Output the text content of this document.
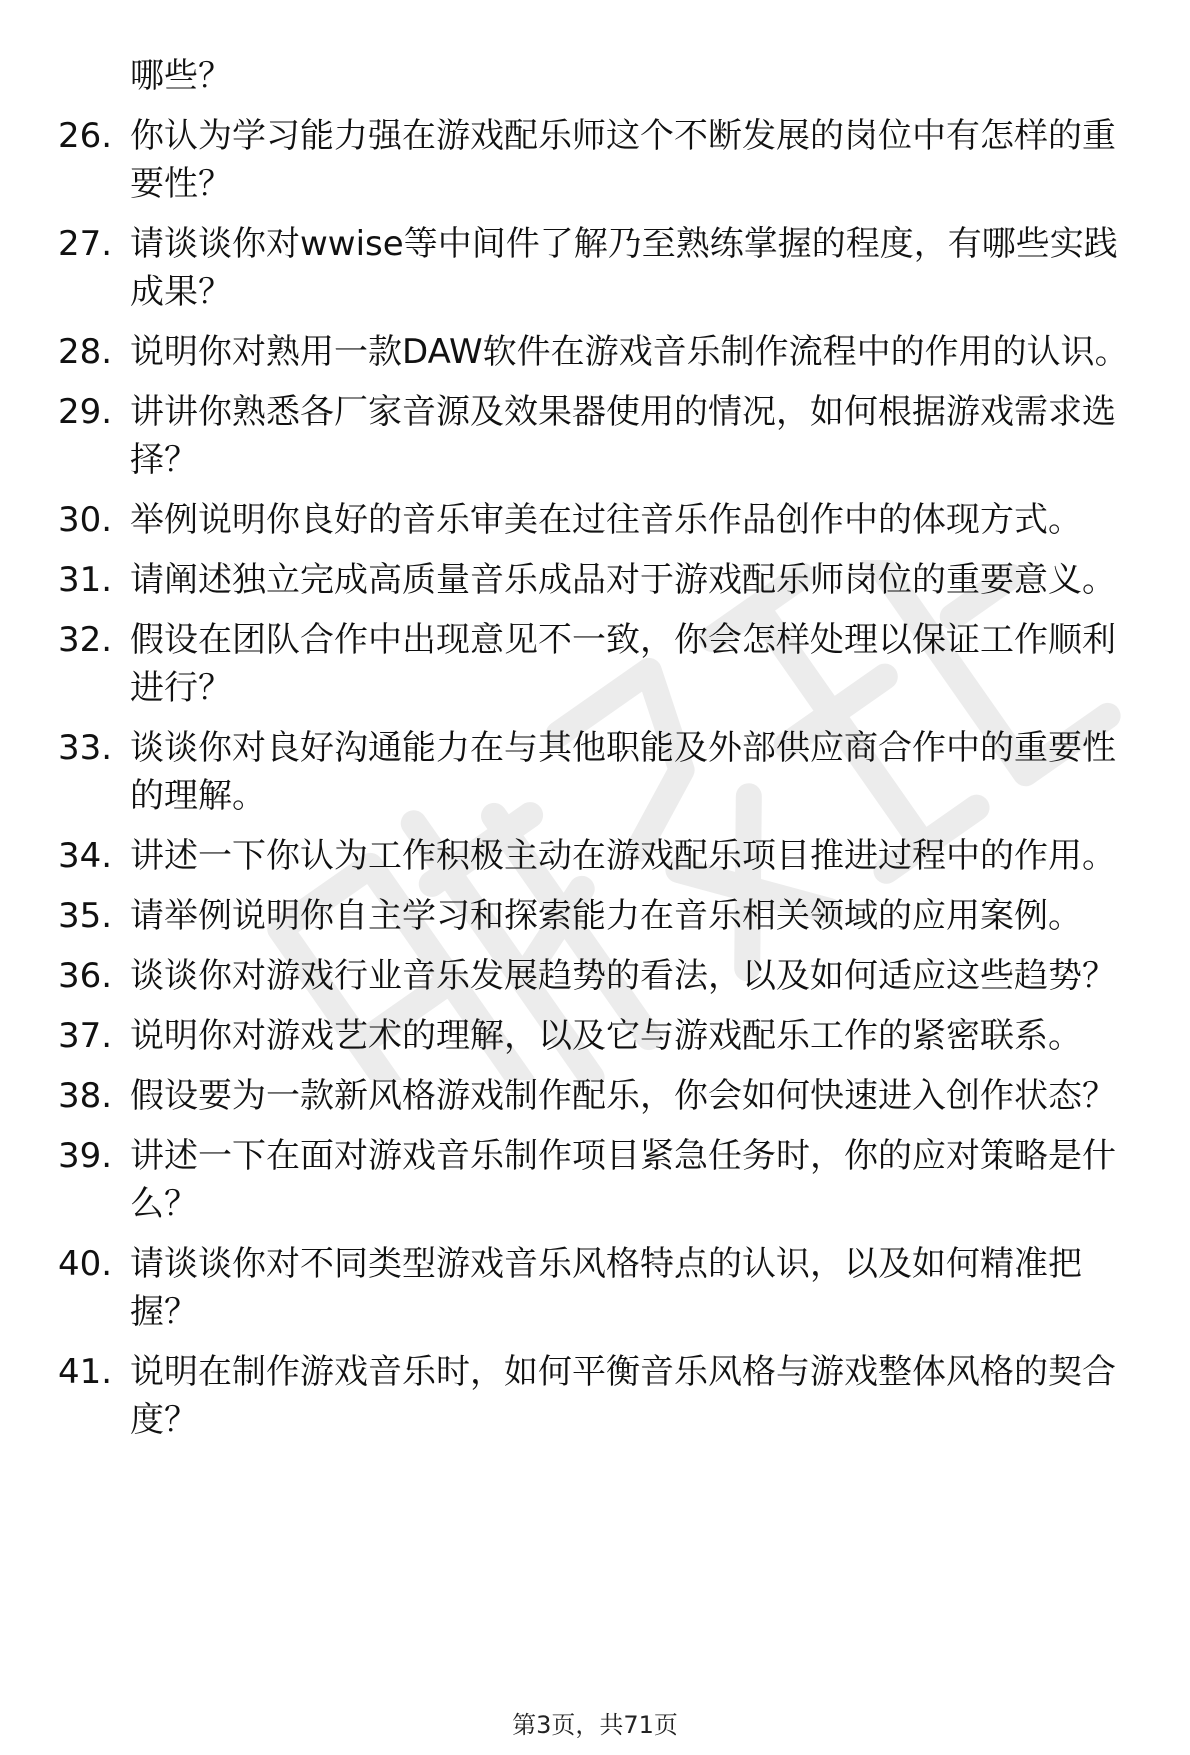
哪些？
26. 你认为学习能力强在游戏配乐师这个不断发展的岗位中有怎样的重要性？
27. 请谈谈你对wwise等中间件了解乃至熟练掌握的程度，有哪些实践成果？
28. 说明你对熟用一款DAW软件在游戏音乐制作流程中的作用的认识。
29. 讲讲你熟悉各厂家音源及效果器使用的情况，如何根据游戏需求选择？
30. 举例说明你良好的音乐审美在过往音乐作品创作中的体现方式。
31. 请阐述独立完成高质量音乐成品对于游戏配乐师岗位的重要意义。
32. 假设在团队合作中出现意见不一致，你会怎样处理以保证工作顺利进行？
33. 谈谈你对良好沟通能力在与其他职能及外部供应商合作中的重要性的理解。
34. 讲述一下你认为工作积极主动在游戏配乐项目推进过程中的作用。
35. 请举例说明你自主学习和探索能力在音乐相关领域的应用案例。
36. 谈谈你对游戏行业音乐发展趋势的看法，以及如何适应这些趋势？
37. 说明你对游戏艺术的理解，以及它与游戏配乐工作的紧密联系。
38. 假设要为一款新风格游戏制作配乐，你会如何快速进入创作状态？
39. 讲述一下在面对游戏音乐制作项目紧急任务时，你的应对策略是什么？
40. 请谈谈你对不同类型游戏音乐风格特点的认识，以及如何精准把握？
41. 说明在制作游戏音乐时，如何平衡音乐风格与游戏整体风格的契合度？
第3页，共71页
